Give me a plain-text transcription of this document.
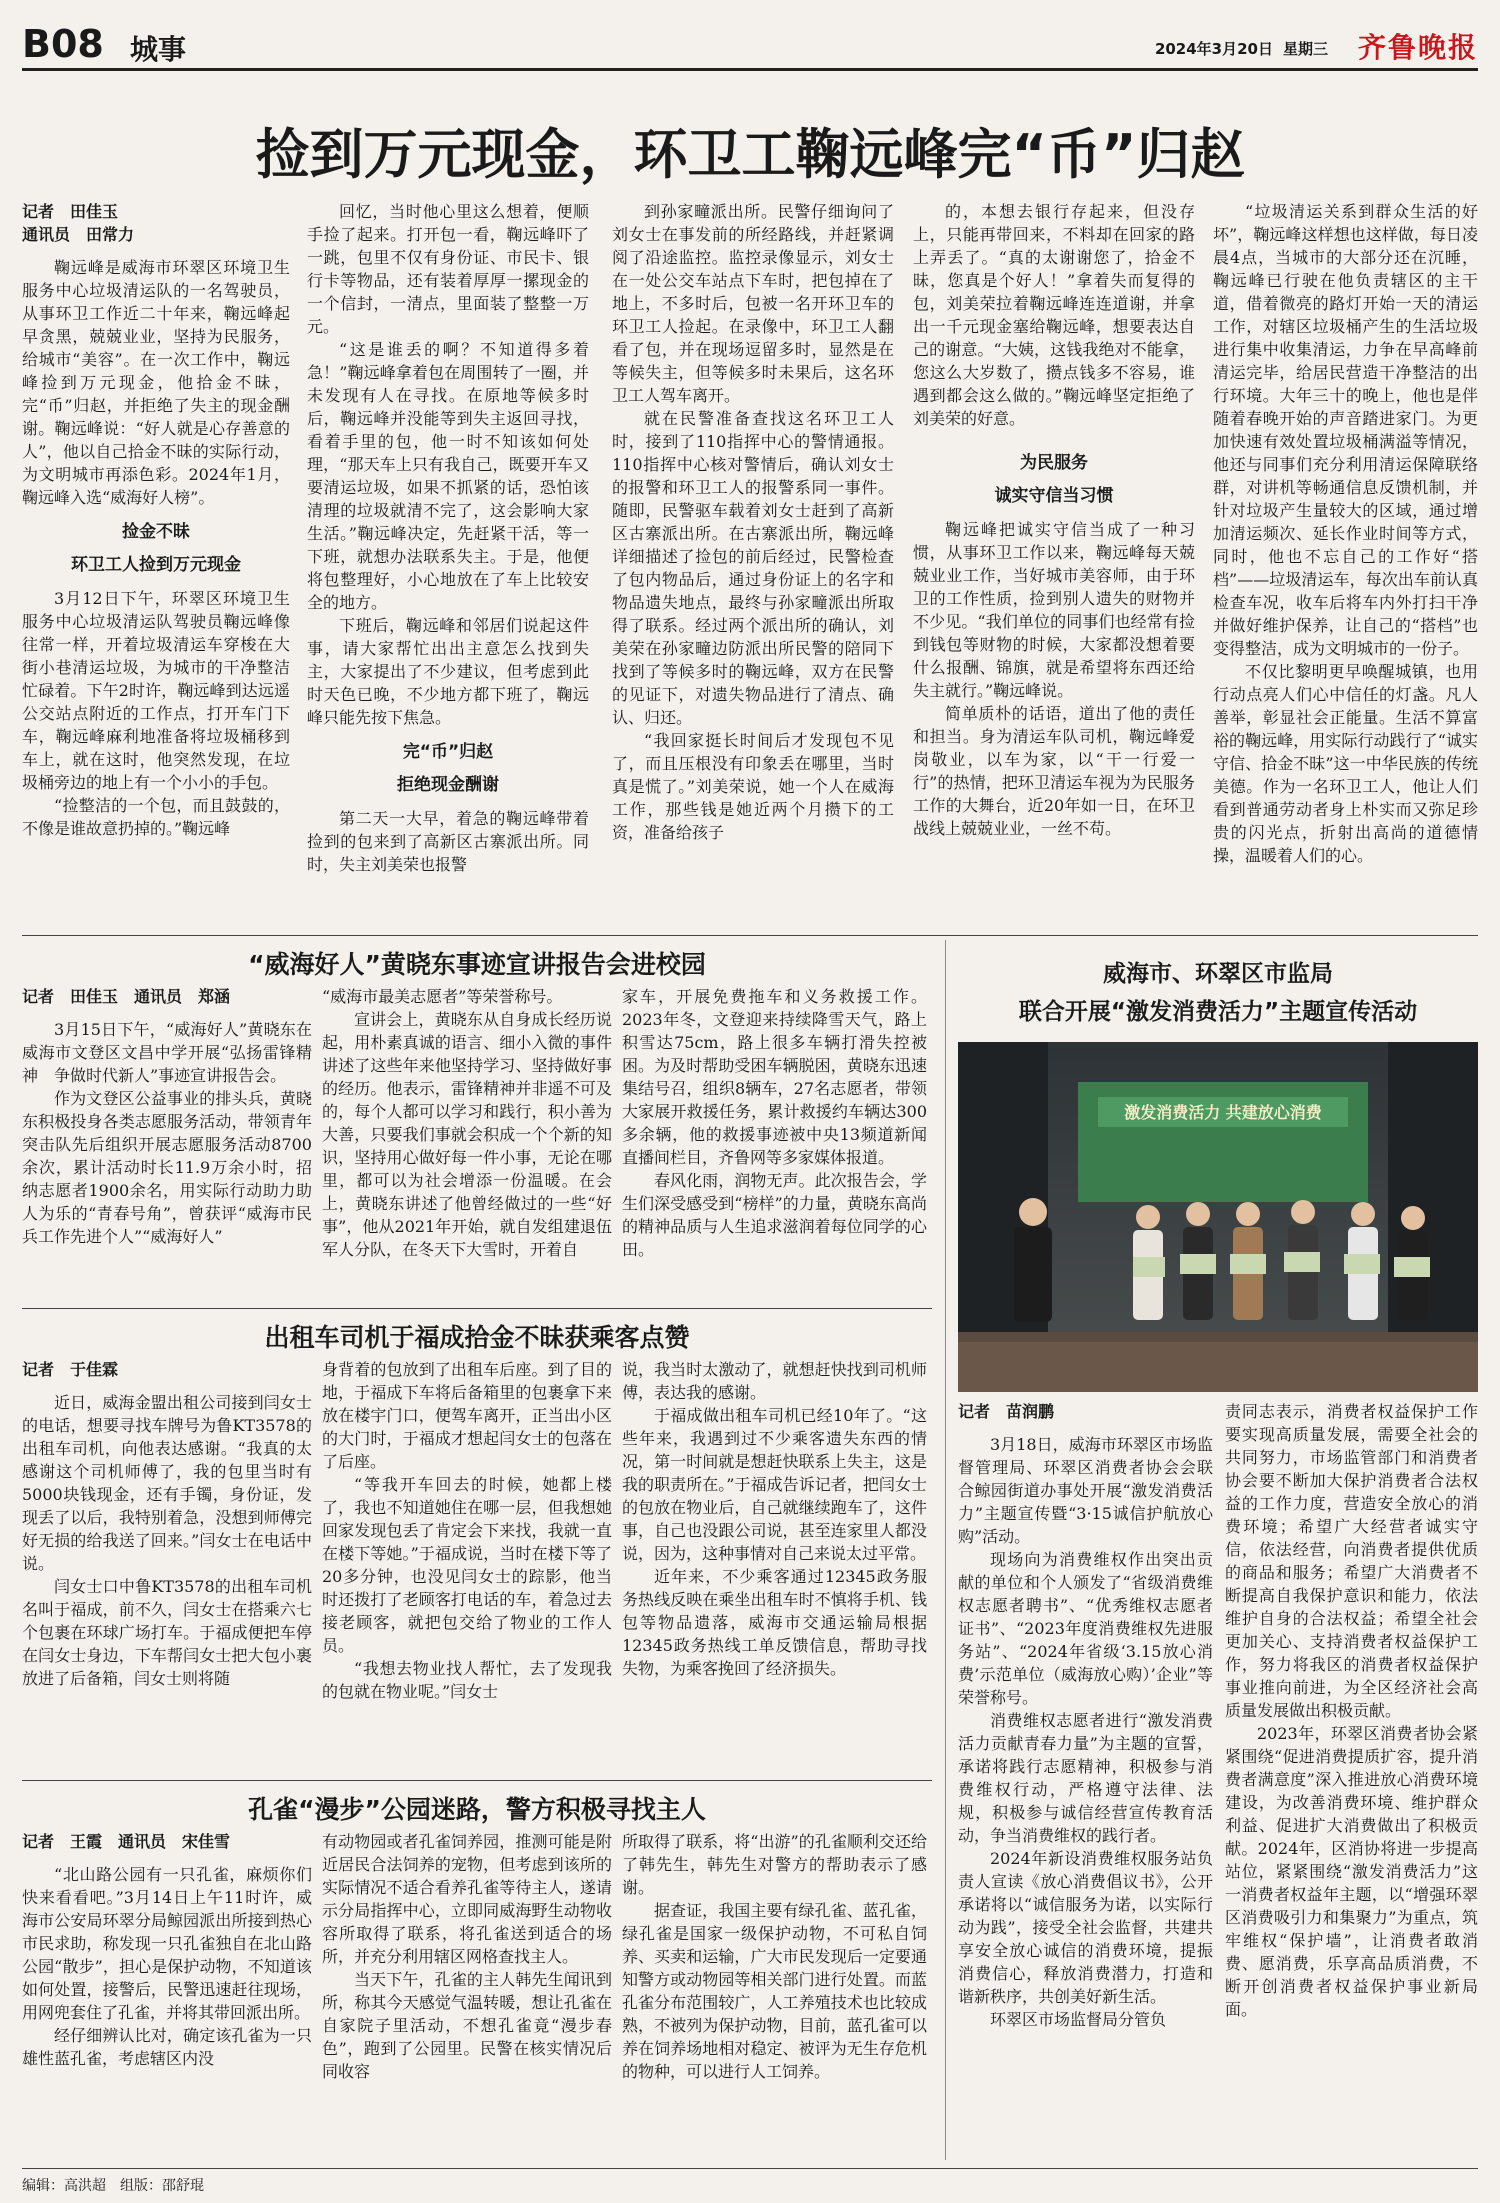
B08 城事	2024年3月20日 星期三 齐鲁晚报
捡到万元现金，环卫工鞠远峰完“币”归赵

记者　田佳玉

通讯员　田常力

鞠远峰是威海市环翠区环境卫生服务中心垃圾清运队的一名驾驶员，从事环卫工作近二十年来，鞠远峰起早贪黑，兢兢业业，坚持为民服务，给城市“美容”。在一次工作中，鞠远峰捡到万元现金，他拾金不昧，完“币”归赵，并拒绝了失主的现金酬谢。鞠远峰说：“好人就是心存善意的人”，他以自己拾金不昧的实际行动，为文明城市再添色彩。2024年1月，鞠远峰入选“威海好人榜”。

捡金不昧
环卫工人捡到万元现金

3月12日下午，环翠区环境卫生服务中心垃圾清运队驾驶员鞠远峰像往常一样，开着垃圾清运车穿梭在大街小巷清运垃圾，为城市的干净整洁忙碌着。下午2时许，鞠远峰到达远遥公交站点附近的工作点，打开车门下车，鞠远峰麻利地准备将垃圾桶移到车上，就在这时，他突然发现，在垃圾桶旁边的地上有一个小小的手包。

“捡整洁的一个包，而且鼓鼓的，不像是谁故意扔掉的。”鞠远峰

回忆，当时他心里这么想着，便顺手捡了起来。打开包一看，鞠远峰吓了一跳，包里不仅有身份证、市民卡、银行卡等物品，还有装着厚厚一摞现金的一个信封，一清点，里面装了整整一万元。

“这是谁丢的啊？不知道得多着急！”鞠远峰拿着包在周围转了一圈，并未发现有人在寻找。在原地等候多时后，鞠远峰并没能等到失主返回寻找，看着手里的包，他一时不知该如何处理，“那天车上只有我自己，既要开车又要清运垃圾，如果不抓紧的话，恐怕该清理的垃圾就清不完了，这会影响大家生活。”鞠远峰决定，先赶紧干活，等一下班，就想办法联系失主。于是，他便将包整理好，小心地放在了车上比较安全的地方。

下班后，鞠远峰和邻居们说起这件事，请大家帮忙出出主意怎么找到失主，大家提出了不少建议，但考虑到此时天色已晚，不少地方都下班了，鞠远峰只能先按下焦急。

完“币”归赵
拒绝现金酬谢

第二天一大早，着急的鞠远峰带着捡到的包来到了高新区古寨派出所。同时，失主刘美荣也报警

到孙家疃派出所。民警仔细询问了刘女士在事发前的所经路线，并赶紧调阅了沿途监控。监控录像显示，刘女士在一处公交车站点下车时，把包掉在了地上，不多时后，包被一名开环卫车的环卫工人捡起。在录像中，环卫工人翻看了包，并在现场逗留多时，显然是在等候失主，但等候多时未果后，这名环卫工人驾车离开。

就在民警准备查找这名环卫工人时，接到了110指挥中心的警情通报。110指挥中心核对警情后，确认刘女士的报警和环卫工人的报警系同一事件。随即，民警驱车载着刘女士赶到了高新区古寨派出所。在古寨派出所，鞠远峰详细描述了捡包的前后经过，民警检查了包内物品后，通过身份证上的名字和物品遗失地点，最终与孙家疃派出所取得了联系。经过两个派出所的确认，刘美荣在孙家疃边防派出所民警的陪同下找到了等候多时的鞠远峰，双方在民警的见证下，对遗失物品进行了清点、确认、归还。

“我回家挺长时间后才发现包不见了，而且压根没有印象丢在哪里，当时真是慌了。”刘美荣说，她一个人在威海工作，那些钱是她近两个月攒下的工资，准备给孩子

的，本想去银行存起来，但没存上，只能再带回来，不料却在回家的路上弄丢了。“真的太谢谢您了，拾金不昧，您真是个好人！”拿着失而复得的包，刘美荣拉着鞠远峰连连道谢，并拿出一千元现金塞给鞠远峰，想要表达自己的谢意。“大姨，这钱我绝对不能拿，您这么大岁数了，攒点钱多不容易，谁遇到都会这么做的。”鞠远峰坚定拒绝了刘美荣的好意。

为民服务
诚实守信当习惯

鞠远峰把诚实守信当成了一种习惯，从事环卫工作以来，鞠远峰每天兢兢业业工作，当好城市美容师，由于环卫的工作性质，捡到别人遗失的财物并不少见。“我们单位的同事们也经常有捡到钱包等财物的时候，大家都没想着要什么报酬、锦旗，就是希望将东西还给失主就行。”鞠远峰说。

简单质朴的话语，道出了他的责任和担当。身为清运车队司机，鞠远峰爱岗敬业，以车为家，以“干一行爱一行”的热情，把环卫清运车视为为民服务工作的大舞台，近20年如一日，在环卫战线上兢兢业业，一丝不苟。

“垃圾清运关系到群众生活的好坏”，鞠远峰这样想也这样做，每日凌晨4点，当城市的大部分还在沉睡，鞠远峰已行驶在他负责辖区的主干道，借着微亮的路灯开始一天的清运工作，对辖区垃圾桶产生的生活垃圾进行集中收集清运，力争在早高峰前清运完毕，给居民营造干净整洁的出行环境。大年三十的晚上，他也是伴随着春晚开始的声音踏进家门。为更加快速有效处置垃圾桶满溢等情况，他还与同事们充分利用清运保障联络群，对讲机等畅通信息反馈机制，并针对垃圾产生量较大的区域，通过增加清运频次、延长作业时间等方式，同时，他也不忘自己的工作好“搭档”——垃圾清运车，每次出车前认真检查车况，收车后将车内外打扫干净并做好维护保养，让自己的“搭档”也变得整洁，成为文明城市的一份子。

不仅比黎明更早唤醒城镇，也用行动点亮人们心中信任的灯盏。凡人善举，彰显社会正能量。生活不算富裕的鞠远峰，用实际行动践行了“诚实守信、拾金不昧”这一中华民族的传统美德。作为一名环卫工人，他让人们看到普通劳动者身上朴实而又弥足珍贵的闪光点，折射出高尚的道德情操，温暖着人们的心。

“威海好人”黄晓东事迹宣讲报告会进校园

记者　田佳玉　通讯员　郑涵

3月15日下午，“威海好人”黄晓东在威海市文登区文昌中学开展“弘扬雷锋精神　争做时代新人”事迹宣讲报告会。

作为文登区公益事业的排头兵，黄晓东积极投身各类志愿服务活动，带领青年突击队先后组织开展志愿服务活动8700余次，累计活动时长11.9万余小时，招纳志愿者1900余名，用实际行动助力助人为乐的“青春号角”，曾获评“威海市民兵工作先进个人”“威海好人”

“威海市最美志愿者”等荣誉称号。

宣讲会上，黄晓东从自身成长经历说起，用朴素真诚的语言、细小入微的事件讲述了这些年来他坚持学习、坚持做好事的经历。他表示，雷锋精神并非遥不可及的，每个人都可以学习和践行，积小善为大善，只要我们事就会积成一个个新的知识，坚持用心做好每一件小事，无论在哪里，都可以为社会增添一份温暖。在会上，黄晓东讲述了他曾经做过的一些“好事”，他从2021年开始，就自发组建退伍军人分队，在冬天下大雪时，开着自

家车，开展免费拖车和义务救援工作。2023年冬，文登迎来持续降雪天气，路上积雪达75cm，路上很多车辆打滑失控被困。为及时帮助受困车辆脱困，黄晓东迅速集结号召，组织8辆车，27名志愿者，带领大家展开救援任务，累计救援约车辆达300多余辆，他的救援事迹被中央13频道新闻直播间栏目，齐鲁网等多家媒体报道。

春风化雨，润物无声。此次报告会，学生们深受感受到“榜样”的力量，黄晓东高尚的精神品质与人生追求滋润着每位同学的心田。

出租车司机于福成拾金不昧获乘客点赞

记者　于佳霖

近日，威海金盟出租公司接到闫女士的电话，想要寻找车牌号为鲁KT3578的出租车司机，向他表达感谢。“我真的太感谢这个司机师傅了，我的包里当时有5000块钱现金，还有手镯，身份证，发现丢了以后，我特别着急，没想到师傅完好无损的给我送了回来。”闫女士在电话中说。

闫女士口中鲁KT3578的出租车司机名叫于福成，前不久，闫女士在搭乘六七个包裹在环球广场打车。于福成便把车停在闫女士身边，下车帮闫女士把大包小裹放进了后备箱，闫女士则将随

身背着的包放到了出租车后座。到了目的地，于福成下车将后备箱里的包裹拿下来放在楼宇门口，便驾车离开，正当出小区的大门时，于福成才想起闫女士的包落在了后座。

“等我开车回去的时候，她都上楼了，我也不知道她住在哪一层，但我想她回家发现包丢了肯定会下来找，我就一直在楼下等她。”于福成说，当时在楼下等了20多分钟，也没见闫女士的踪影，他当时还拨打了老顾客打电话的车，着急过去接老顾客，就把包交给了物业的工作人员。

“我想去物业找人帮忙，去了发现我的包就在物业呢。”闫女士

说，我当时太激动了，就想赶快找到司机师傅，表达我的感谢。

于福成做出租车司机已经10年了。“这些年来，我遇到过不少乘客遗失东西的情况，第一时间就是想赶快联系上失主，这是我的职责所在。”于福成告诉记者，把闫女士的包放在物业后，自己就继续跑车了，这件事，自己也没跟公司说，甚至连家里人都没说，因为，这种事情对自己来说太过平常。

近年来，不少乘客通过12345政务服务热线反映在乘坐出租车时不慎将手机、钱包等物品遗落，威海市交通运输局根据12345政务热线工单反馈信息，帮助寻找失物，为乘客挽回了经济损失。

孔雀“漫步”公园迷路，警方积极寻找主人

记者　王霞　通讯员　宋佳雪

“北山路公园有一只孔雀，麻烦你们快来看看吧。”3月14日上午11时许，威海市公安局环翠分局鲸园派出所接到热心市民求助，称发现一只孔雀独自在北山路公园“散步”，担心是保护动物，不知道该如何处置，接警后，民警迅速赶往现场，用网兜套住了孔雀，并将其带回派出所。

经仔细辨认比对，确定该孔雀为一只雄性蓝孔雀，考虑辖区内没

有动物园或者孔雀饲养园，推测可能是附近居民合法饲养的宠物，但考虑到该所的实际情况不适合看养孔雀等待主人，遂请示分局指挥中心，立即同威海野生动物收容所取得了联系，将孔雀送到适合的场所，并充分利用辖区网格查找主人。

当天下午，孔雀的主人韩先生闻讯到所，称其今天感觉气温转暖，想让孔雀在自家院子里活动，不想孔雀竟“漫步春色”，跑到了公园里。民警在核实情况后同收容

所取得了联系，将“出游”的孔雀顺利交还给了韩先生，韩先生对警方的帮助表示了感谢。

据查证，我国主要有绿孔雀、蓝孔雀，绿孔雀是国家一级保护动物，不可私自饲养、买卖和运输，广大市民发现后一定要通知警方或动物园等相关部门进行处置。而蓝孔雀分布范围较广，人工养殖技术也比较成熟，不被列为保护动物，目前，蓝孔雀可以养在饲养场地相对稳定、被评为无生存危机的物种，可以进行人工饲养。

威海市、环翠区市监局
联合开展“激发消费活力”主题宣传活动
激发消费活力 共建放心消费

记者　苗润鹏

3月18日，威海市环翠区市场监督管理局、环翠区消费者协会会联合鲸园街道办事处开展“激发消费活力”主题宣传暨“3·15诚信护航放心购”活动。

现场向为消费维权作出突出贡献的单位和个人颁发了“省级消费维权志愿者聘书”、“优秀维权志愿者证书”、“2023年度消费维权先进服务站”、“2024年省级‘3.15放心消费’示范单位（威海放心购）’企业”等荣誉称号。

消费维权志愿者进行“激发消费活力贡献青春力量”为主题的宣誓，承诺将践行志愿精神，积极参与消费维权行动，严格遵守法律、法规，积极参与诚信经营宣传教育活动，争当消费维权的践行者。

2024年新设消费维权服务站负责人宣读《放心消费倡议书》，公开承诺将以“诚信服务为诺，以实际行动为践”，接受全社会监督，共建共享安全放心诚信的消费环境，提振消费信心，释放消费潜力，打造和谐新秩序，共创美好新生活。

环翠区市场监督局分管负

责同志表示，消费者权益保护工作要实现高质量发展，需要全社会的共同努力，市场监管部门和消费者协会要不断加大保护消费者合法权益的工作力度，营造安全放心的消费环境；希望广大经营者诚实守信，依法经营，向消费者提供优质的商品和服务；希望广大消费者不断提高自我保护意识和能力，依法维护自身的合法权益；希望全社会更加关心、支持消费者权益保护工作，努力将我区的消费者权益保护事业推向前进，为全区经济社会高质量发展做出积极贡献。

2023年，环翠区消费者协会紧紧围绕“促进消费提质扩容，提升消费者满意度”深入推进放心消费环境建设，为改善消费环境、维护群众利益、促进扩大消费做出了积极贡献。2024年，区消协将进一步提高站位，紧紧围绕“激发消费活力”这一消费者权益年主题，以“增强环翠区消费吸引力和集聚力”为重点，筑牢维权“保护墙”，让消费者敢消费、愿消费，乐享高品质消费，不断开创消费者权益保护事业新局面。

编辑：高洪超　组版：邵舒琨
